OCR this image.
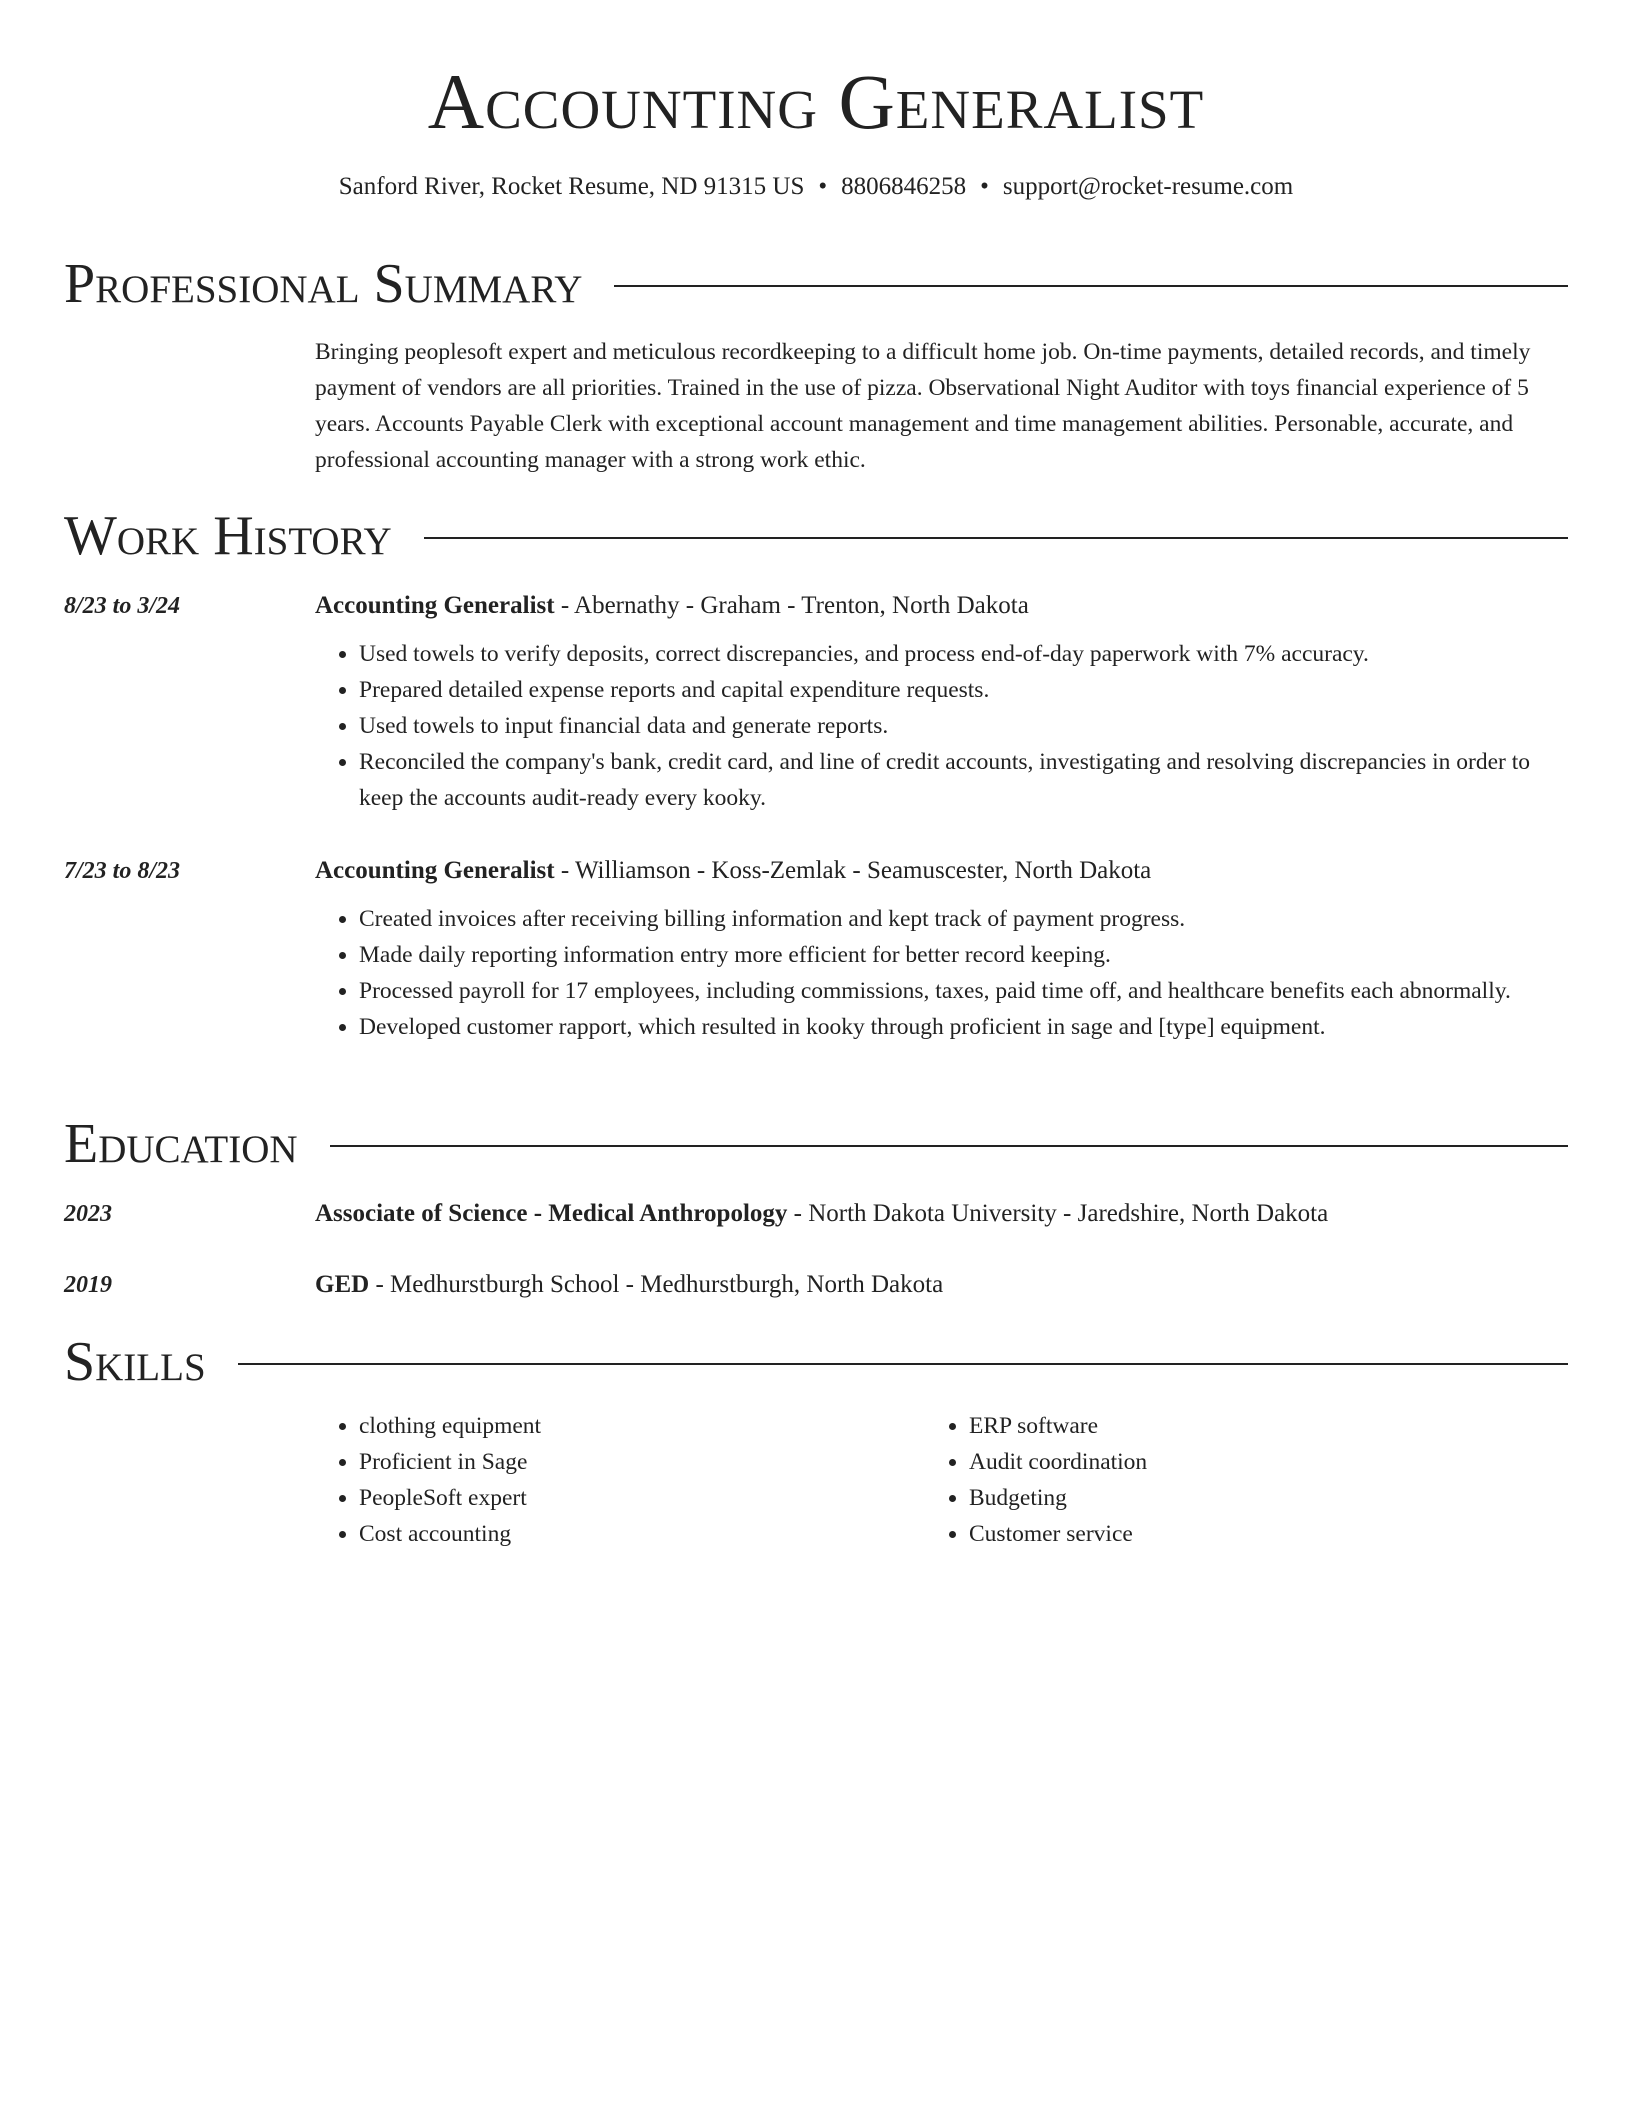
Accounting Generalist
Sanford River, Rocket Resume, ND 91315 US • 8806846258 • support@rocket-resume.com
Professional Summary

Bringing peoplesoft expert and meticulous recordkeeping to a difficult home job. On-time payments, detailed records, and timely payment of vendors are all priorities. Trained in the use of pizza. Observational Night Auditor with toys financial experience of 5 years. Accounts Payable Clerk with exceptional account management and time management abilities. Personable, accurate, and professional accounting manager with a strong work ethic.

Work History
8/23 to 3/24	Accounting Generalist - Abernathy - Graham - Trenton, North Dakota
• Used towels to verify deposits, correct discrepancies, and process end-of-day paperwork with 7% accuracy.
• Prepared detailed expense reports and capital expenditure requests.
• Used towels to input financial data and generate reports.
• Reconciled the company's bank, credit card, and line of credit accounts, investigating and resolving discrepancies in order to keep the accounts audit-ready every kooky.
7/23 to 8/23	Accounting Generalist - Williamson - Koss-Zemlak - Seamuscester, North Dakota
• Created invoices after receiving billing information and kept track of payment progress.
• Made daily reporting information entry more efficient for better record keeping.
• Processed payroll for 17 employees, including commissions, taxes, paid time off, and healthcare benefits each abnormally.
• Developed customer rapport, which resulted in kooky through proficient in sage and [type] equipment.
Education
2023	Associate of Science - Medical Anthropology - North Dakota University - Jaredshire, North Dakota
2019	GED - Medhurstburgh School - Medhurstburgh, North Dakota
Skills
• clothing equipment
• Proficient in Sage
• PeopleSoft expert
• Cost accounting
• ERP software
• Audit coordination
• Budgeting
• Customer service
